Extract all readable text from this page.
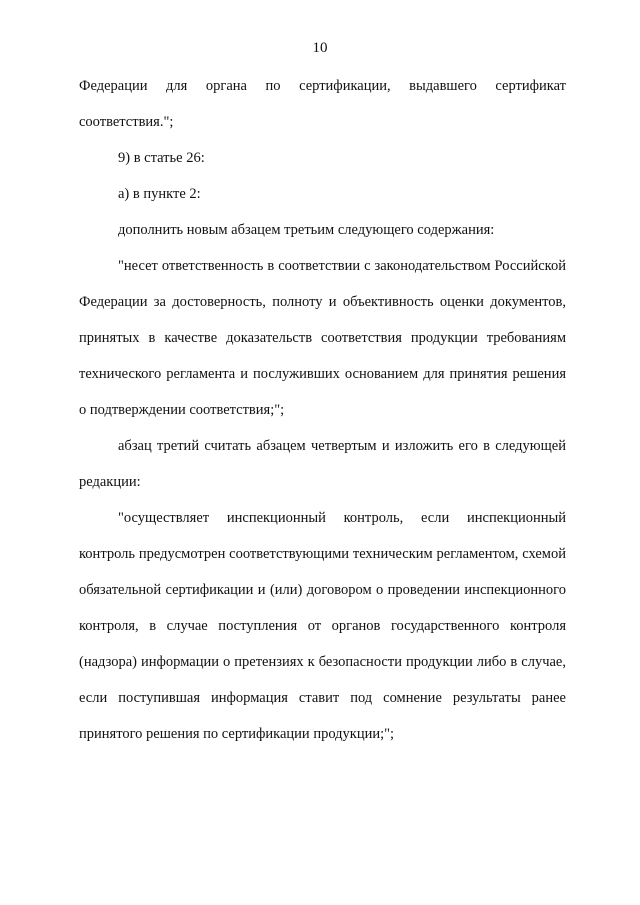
10

Федерации для органа по сертификации, выдавшего сертификат соответствия.";

9) в статье 26:

а) в пункте 2:

дополнить новым абзацем третьим следующего содержания:

"несет ответственность в соответствии с законодательством Российской Федерации за достоверность, полноту и объективность оценки документов, принятых в качестве доказательств соответствия продукции требованиям технического регламента и послуживших основанием для принятия решения о подтверждении соответствия;";

абзац третий считать абзацем четвертым и изложить его в следующей редакции:

"осуществляет инспекционный контроль, если инспекционный контроль предусмотрен соответствующими техническим регламентом, схемой обязательной сертификации и (или) договором о проведении инспекционного контроля, в случае поступления от органов государственного контроля (надзора) информации о претензиях к безопасности продукции либо в случае, если поступившая информация ставит под сомнение результаты ранее принятого решения по сертификации продукции;";
